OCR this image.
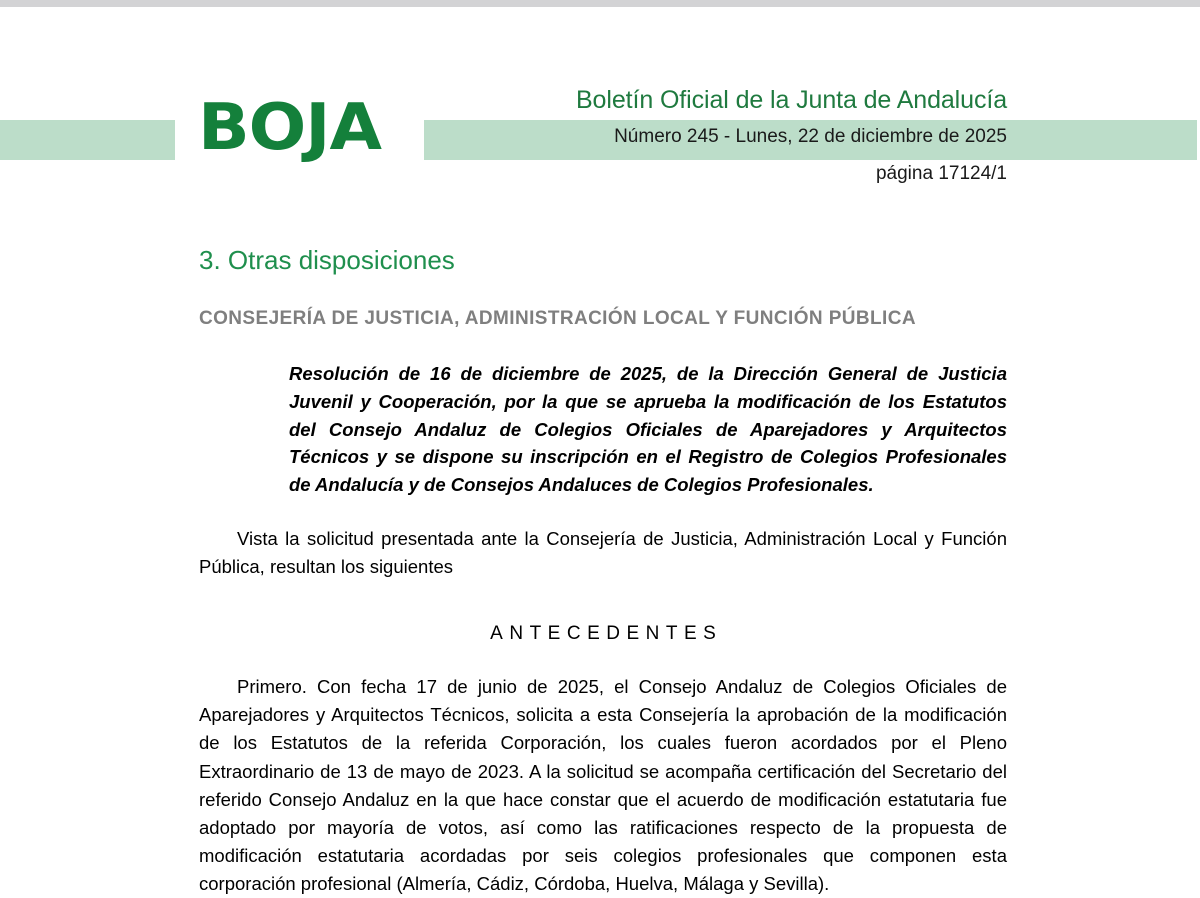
BOJA	Boletín Oficial de la Junta de Andalucía
Número 245 - Lunes, 22 de diciembre de 2025
página 17124/1
3. Otras disposiciones
CONSEJERÍA DE JUSTICIA, ADMINISTRACIÓN LOCAL Y FUNCIÓN PÚBLICA

Resolución de 16 de diciembre de 2025, de la Dirección General de Justicia Juvenil y Cooperación, por la que se aprueba la modificación de los Estatutos del Consejo Andaluz de Colegios Oficiales de Aparejadores y Arquitectos Técnicos y se dispone su inscripción en el Registro de Colegios Profesionales de Andalucía y de Consejos Andaluces de Colegios Profesionales.

Vista la solicitud presentada ante la Consejería de Justicia, Administración Local y Función Pública, resultan los siguientes

ANTECEDENTES

Primero. Con fecha 17 de junio de 2025, el Consejo Andaluz de Colegios Oficiales de Aparejadores y Arquitectos Técnicos, solicita a esta Consejería la aprobación de la modificación de los Estatutos de la referida Corporación, los cuales fueron acordados por el Pleno Extraordinario de 13 de mayo de 2023. A la solicitud se acompaña certificación del Secretario del referido Consejo Andaluz en la que hace constar que el acuerdo de modificación estatutaria fue adoptado por mayoría de votos, así como las ratificaciones respecto de la propuesta de modificación estatutaria acordadas por seis colegios profesionales que componen esta corporación profesional (Almería, Cádiz, Córdoba, Huelva, Málaga y Sevilla).
